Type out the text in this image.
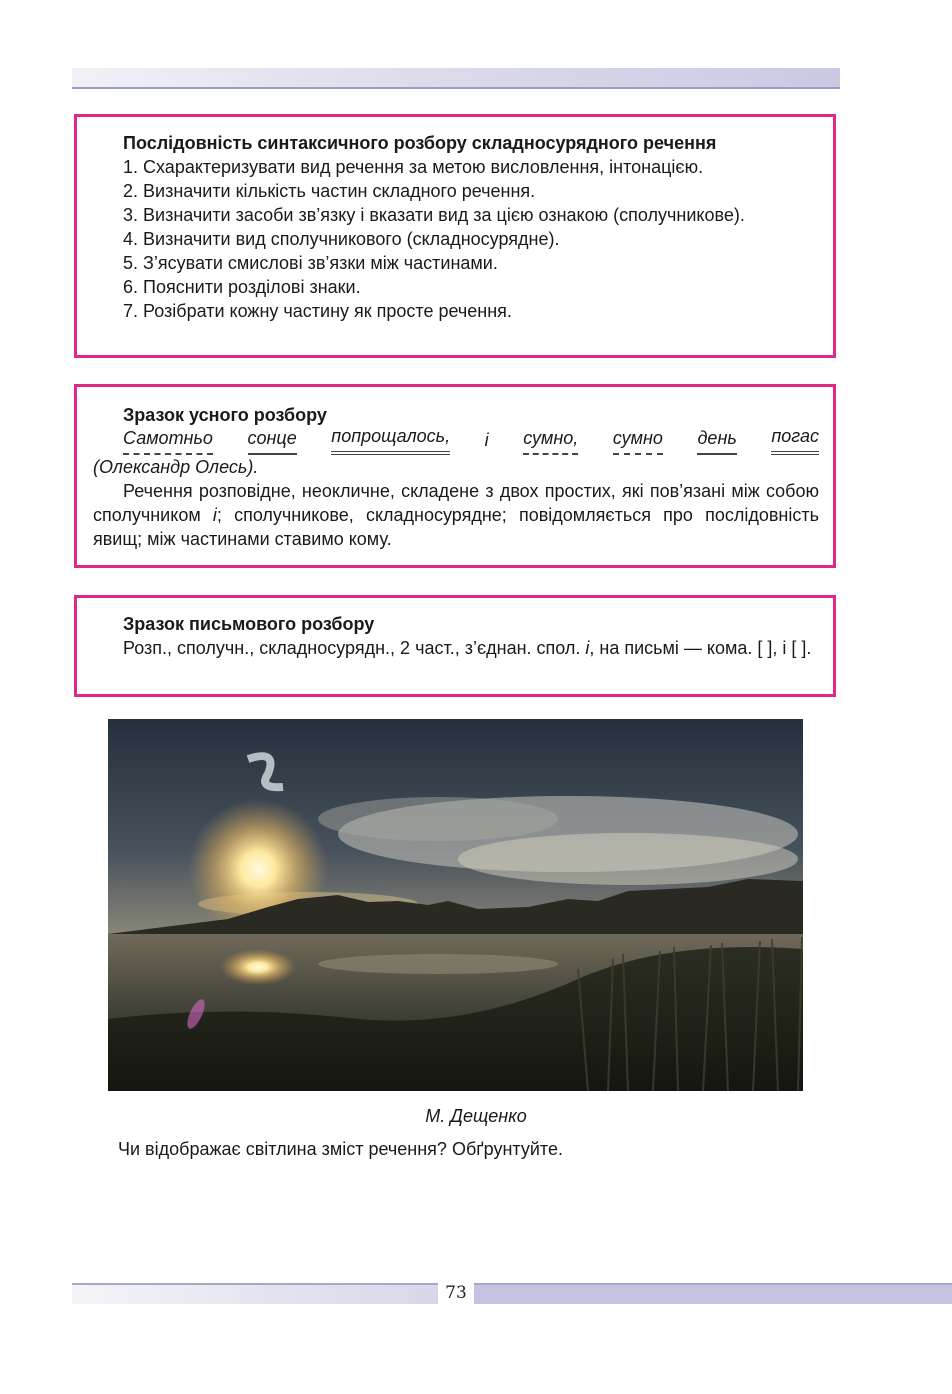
Послідовність синтаксичного розбору складносурядного речення

1. Схарактеризувати вид речення за метою висловлення, інтонацією.

2. Визначити кількість частин складного речення.

3. Визначити засоби зв’язку і вказати вид за цією ознакою (сполучникове).

4. Визначити вид сполучникового (складносурядне).

5. З’ясувати смислові зв’язки між частинами.

6. Пояснити розділові знаки.

7. Розібрати кожну частину як просте речення.

Зразок усного розбору

Самотньо сонце попрощалось, і сумно, сумно день погас

(Олександр Олесь).

Речення розповідне, неокличне, складене з двох простих, які пов’язані між собою сполучником і; сполучникове, складносурядне; повідомляється про послідовність явищ; між частинами ставимо кому.

Зразок письмового розбору

Розп., сполучн., складносурядн., 2 част., з’єднан. спол. і, на письмі — кома. [ ], і [ ].

М. Дещенко
Чи відображає світлина зміст речення? Обґрунтуйте.
73
